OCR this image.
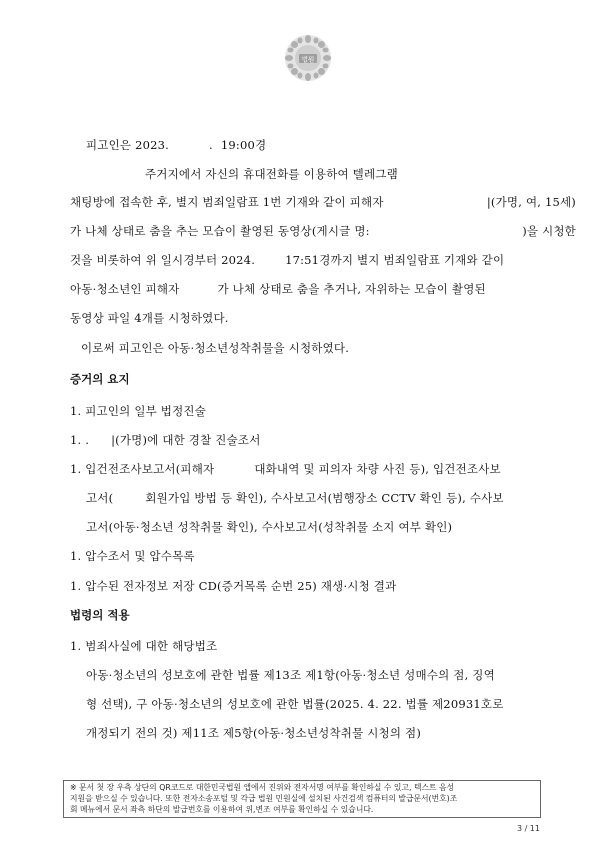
법원
피고인은 2023.	. 19:00경
주거지에서 자신의 휴대전화를 이용하여 텔레그램
채팅방에 접속한 후, 별지 범죄일람표 1번 기재와 같이 피해자	|(가명, 여, 15세)
가 나체 상태로 춤을 추는 모습이 촬영된 동영상(게시글 명:	)을 시청한
것을 비롯하여 위 일시경부터 2024.	17:51경까지 별지 범죄일람표 기재와 같이
아동·청소년인 피해자	가 나체 상태로 춤을 추거나, 자위하는 모습이 촬영된
동영상 파일 4개를 시청하였다.
이로써 피고인은 아동·청소년성착취물을 시청하였다.
증거의 요지
1. 피고인의 일부 법정진술
1. . |(가명)에 대한 경찰 진술조서
1. 입건전조사보고서(피해자	대화내역 및 피의자 차량 사진 등), 입건전조사보
고서(	회원가입 방법 등 확인), 수사보고서(범행장소 CCTV 확인 등), 수사보
고서(아동·청소년 성착취물 확인), 수사보고서(성착취물 소지 여부 확인)
1. 압수조서 및 압수목록
1. 압수된 전자정보 저장 CD(증거목록 순번 25) 재생·시청 결과
법령의 적용
1. 범죄사실에 대한 해당법조
아동·청소년의 성보호에 관한 법률 제13조 제1항(아동·청소년 성매수의 점, 징역
형 선택), 구 아동·청소년의 성보호에 관한 법률(2025. 4. 22. 법률 제20931호로
개정되기 전의 것) 제11조 제5항(아동·청소년성착취물 시청의 점)
※ 문서 첫 장 우측 상단의 QR코드로 대한민국법원 앱에서 진위와 전자서명 여부를 확인하실 수 있고, 텍스트 음성
지원을 받으실 수 있습니다. 또한 전자소송포털 및 각급 법원 민원실에 설치된 사건검색 컴퓨터의 발급문서(번호)조
회 메뉴에서 문서 좌측 하단의 발급번호를 이용하여 위,변조 여부를 확인하실 수 있습니다.
3 / 11
